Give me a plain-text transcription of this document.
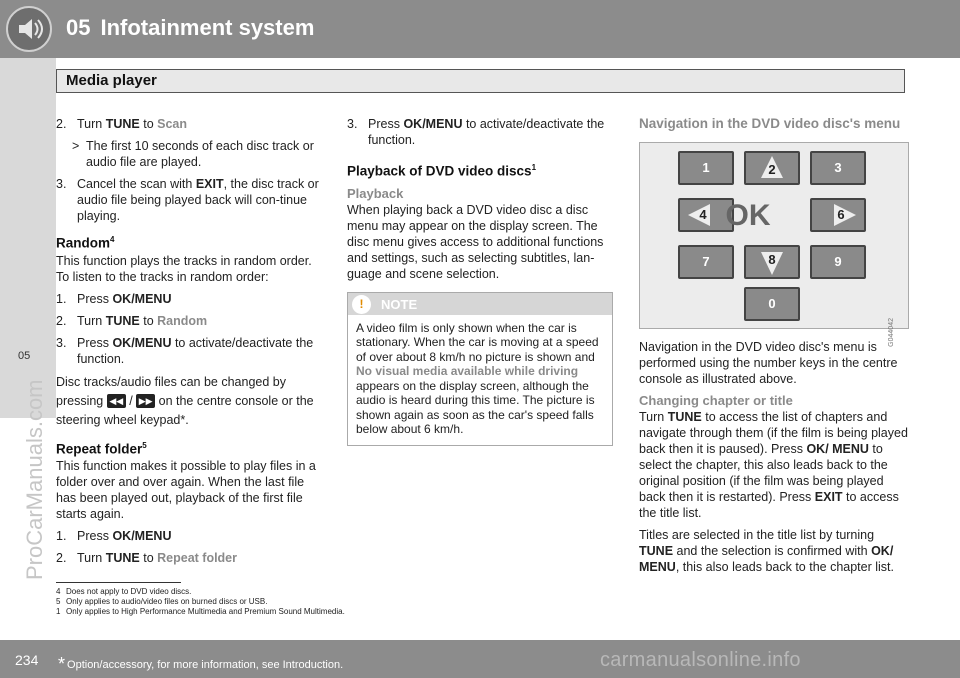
05 Infotainment system
Media player
05
ProCarManuals.com
2. Turn TUNE to Scan
> The first 10 seconds of each disc track or audio file are played.
3. Cancel the scan with EXIT, the disc track or audio file being played back will con-tinue playing.
Random$^4$

This function plays the tracks in random order. To listen to the tracks in random order:

1. Press OK/MENU
2. Turn TUNE to Random
3. Press OK/MENU to activate/deactivate the function.

Disc tracks/audio files can be changed by
pressing ◀◀ / ▶▶ on the centre console or the steering wheel keypad*.

Repeat folder$^5$

This function makes it possible to play files in a folder over and over again. When the last file has been played out, playback of the first file starts again.

1. Press OK/MENU
2. Turn TUNE to Repeat folder
3. Press OK/MENU to activate/deactivate the function.
Playback of DVD video discs$^1$
Playback

When playing back a DVD video disc a disc menu may appear on the display screen. The disc menu gives access to additional functions and settings, such as selecting subtitles, lan-guage and scene selection.

!	NOTE
A video film is only shown when the car is stationary. When the car is moving at a speed of over about 8 km/h no picture is shown and No visual media available while driving appears on the display screen, although the audio is heard during this time. The picture is shown again as soon as the car's speed falls below about 6 km/h.
Navigation in the DVD video disc's menu
1	2	3
4 OK	6
7	8	9
0
G044042

Navigation in the DVD video disc's menu is performed using the number keys in the centre console as illustrated above.

Changing chapter or title

Turn TUNE to access the list of chapters and navigate through them (if the film is being played back then it is paused). Press OK/ MENU to select the chapter, this also leads back to the original position (if the film was being played back then it is restarted). Press EXIT to access the title list.

Titles are selected in the title list by turning TUNE and the selection is confirmed with OK/ MENU, this also leads back to the chapter list.

4 Does not apply to DVD video discs.
5 Only applies to audio/video files on burned discs or USB.
1 Only applies to High Performance Multimedia and Premium Sound Multimedia.
234 * Option/accessory, for more information, see Introduction.	carmanualsonline.info
